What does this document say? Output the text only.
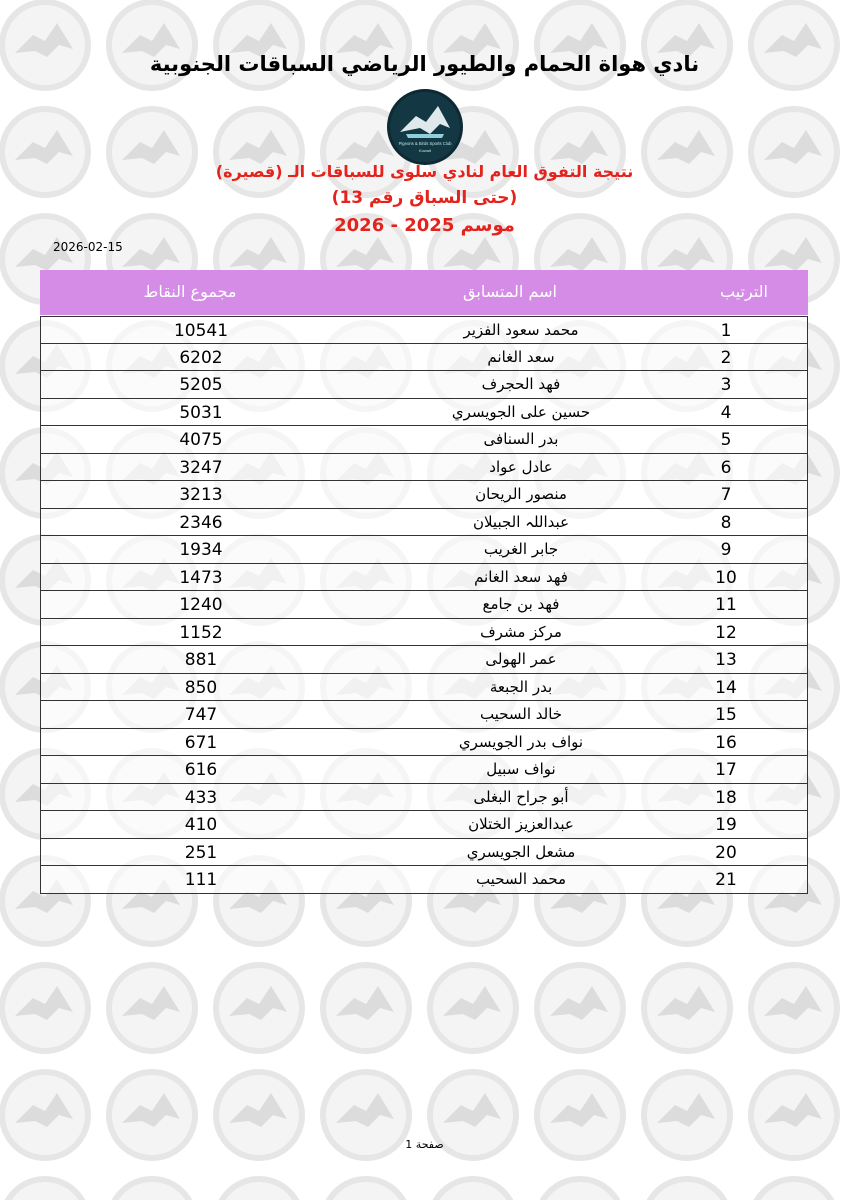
نادي هواة الحمام والطيور الرياضي السباقات الجنوبية
Pigeons & Birds Sports Club
Kuwait
نتيجة التفوق العام لنادي سلوى للسباقات الـ (قصيرة)
(حتى السباق رقم 13)
موسم 2025 - 2026
2026-02-15
الترتيب
اسم المتسابق
مجموع النقاط
1
محمد سعود الفزير
10541
2
سعد الغانم
6202
3
فهد الحجرف
5205
4
حسين على الجويسري
5031
5
بدر السنافى
4075
6
عادل عواد
3247
7
منصور الريحان
3213
8
عبداللہ الجبيلان
2346
9
جابر الغريب
1934
10
فهد سعد الغانم
1473
11
فهد بن جامع
1240
12
مركز مشرف
1152
13
عمر الهولى
881
14
بدر الجبعة
850
15
خالد السحيب
747
16
نواف بدر الجويسري
671
17
نواف سبيل
616
18
أبو جراح البغلى
433
19
عبدالعزيز الختلان
410
20
مشعل الجويسري
251
21
محمد السحيب
111
صفحة 1
